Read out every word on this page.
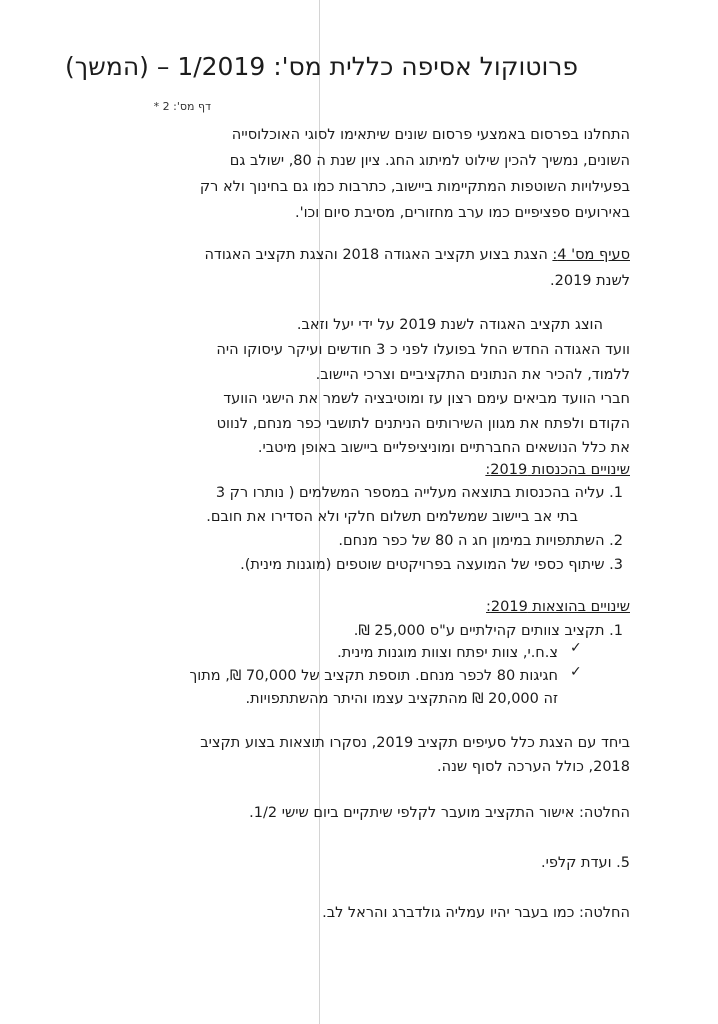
פרוטוקול אסיפה כללית מס': 1/2019 – (המשך)
דף מס': 2 *

התחלנו בפרסום באמצעי פרסום שונים שיתאימו לסוגי האוכלוסייה

השונים, נמשיך להכין שילוט למיתוג החג. ציון שנת ה 80, ישולב גם

בפעילויות השוטפות המתקיימות ביישוב, כתרבות כמו גם בחינוך ולא רק

באירועים ספציפיים כמו ערב מחזורים, מסיבת סיום וכו'.

סעיף מס' 4: הצגת בצוע תקציב האגודה 2018 והצגת תקציב האגודה

לשנת 2019.

הוצג תקציב האגודה לשנת 2019 על ידי יעל וזאב.

וועד האגודה החדש החל בפועלו לפני כ 3 חודשים ועיקר עיסוקו היה

ללמוד, להכיר את הנתונים התקציביים וצרכי היישוב.

חברי הוועד מביאים עימם רצון עז ומוטיבציה לשמר את הישגי הוועד

הקודם ולפתח את מגוון השירותים הניתנים לתושבי כפר מנחם, לנווט

את כלל הנושאים החברתיים ומוניציפליים ביישוב באופן מיטבי.

שינויים בהכנסות 2019:

1. עליה בהכנסות בתוצאה מעלייה במספר המשלמים ( נותרו רק 3

בתי אב ביישוב שמשלמים תשלום חלקי ולא הסדירו את חובם.

2. השתתפויות במימון חג ה 80 של כפר מנחם.

3. שיתוף כספי של המועצה בפרויקטים שוטפים (מוגנות מינית).

שינויים בהוצאות 2019:

1. תקציב צוותים קהילתיים ע"ס 25,000 ₪.

✓

צ.ח.י, צוות יפתח וצוות מוגנות מינית.

✓

חגיגות 80 לכפר מנחם. תוספת תקציב של 70,000 ₪, מתוך

זה 20,000 ₪ מהתקציב עצמו והיתר מהשתתפויות.

ביחד עם הצגת כלל סעיפים תקציב 2019, נסקרו תוצאות בצוע תקציב

2018, כולל הערכה לסוף שנה.

החלטה: אישור התקציב מועבר לקלפי שיתקיים ביום שישי 1/2.

5. ועדת קלפי.

החלטה: כמו בעבר יהיו עמליה גולדברג והראל לב.
